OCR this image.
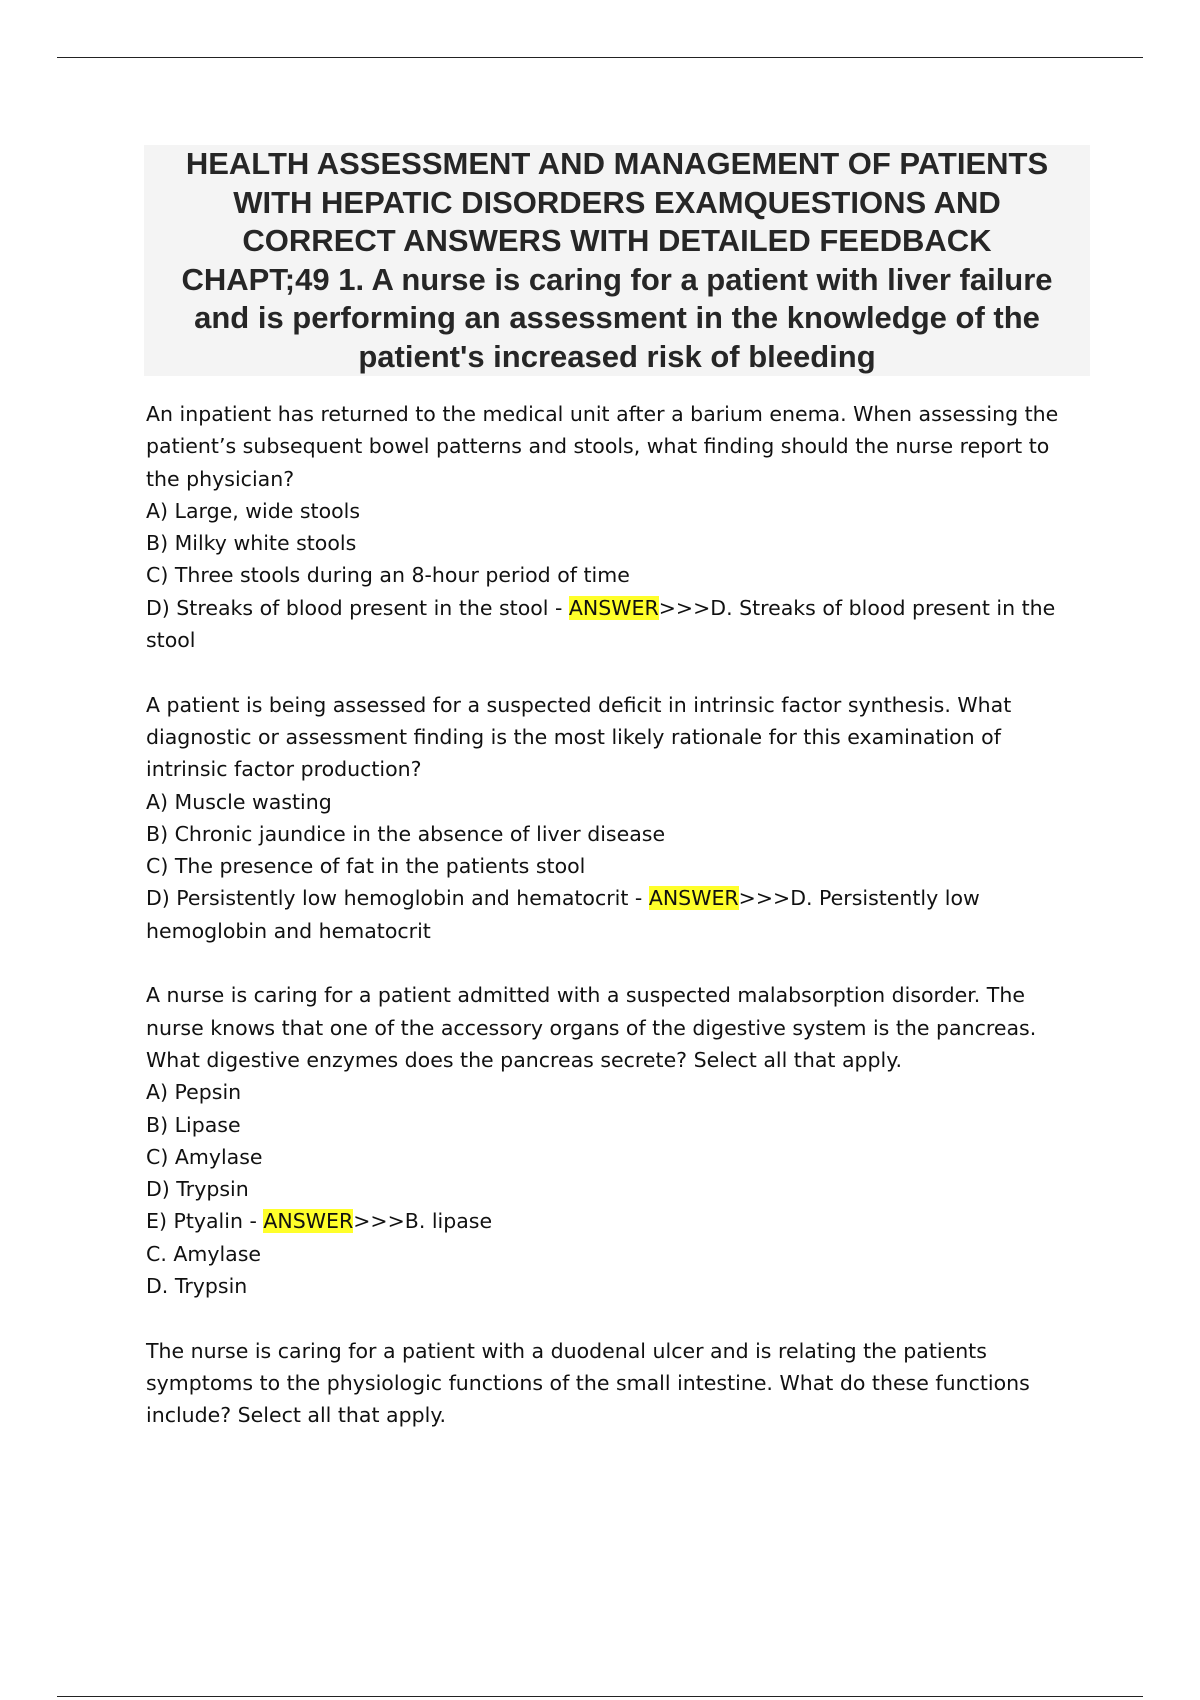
HEALTH ASSESSMENT AND MANAGEMENT OF PATIENTS
WITH HEPATIC DISORDERS EXAMQUESTIONS AND
CORRECT ANSWERS WITH DETAILED FEEDBACK
CHAPT;49 1. A nurse is caring for a patient with liver failure
and is performing an assessment in the knowledge of the
patient's increased risk of bleeding
An inpatient has returned to the medical unit after a barium enema. When assessing the
patient’s subsequent bowel patterns and stools, what finding should the nurse report to
the physician?
A) Large, wide stools
B) Milky white stools
C) Three stools during an 8-hour period of time
D) Streaks of blood present in the stool - ANSWER>>>D. Streaks of blood present in the
stool
A patient is being assessed for a suspected deficit in intrinsic factor synthesis. What
diagnostic or assessment finding is the most likely rationale for this examination of
intrinsic factor production?
A) Muscle wasting
B) Chronic jaundice in the absence of liver disease
C) The presence of fat in the patients stool
D) Persistently low hemoglobin and hematocrit - ANSWER>>>D. Persistently low
hemoglobin and hematocrit
A nurse is caring for a patient admitted with a suspected malabsorption disorder. The
nurse knows that one of the accessory organs of the digestive system is the pancreas.
What digestive enzymes does the pancreas secrete? Select all that apply.
A) Pepsin
B) Lipase
C) Amylase
D) Trypsin
E) Ptyalin - ANSWER>>>B. lipase
C. Amylase
D. Trypsin
The nurse is caring for a patient with a duodenal ulcer and is relating the patients
symptoms to the physiologic functions of the small intestine. What do these functions
include? Select all that apply.
